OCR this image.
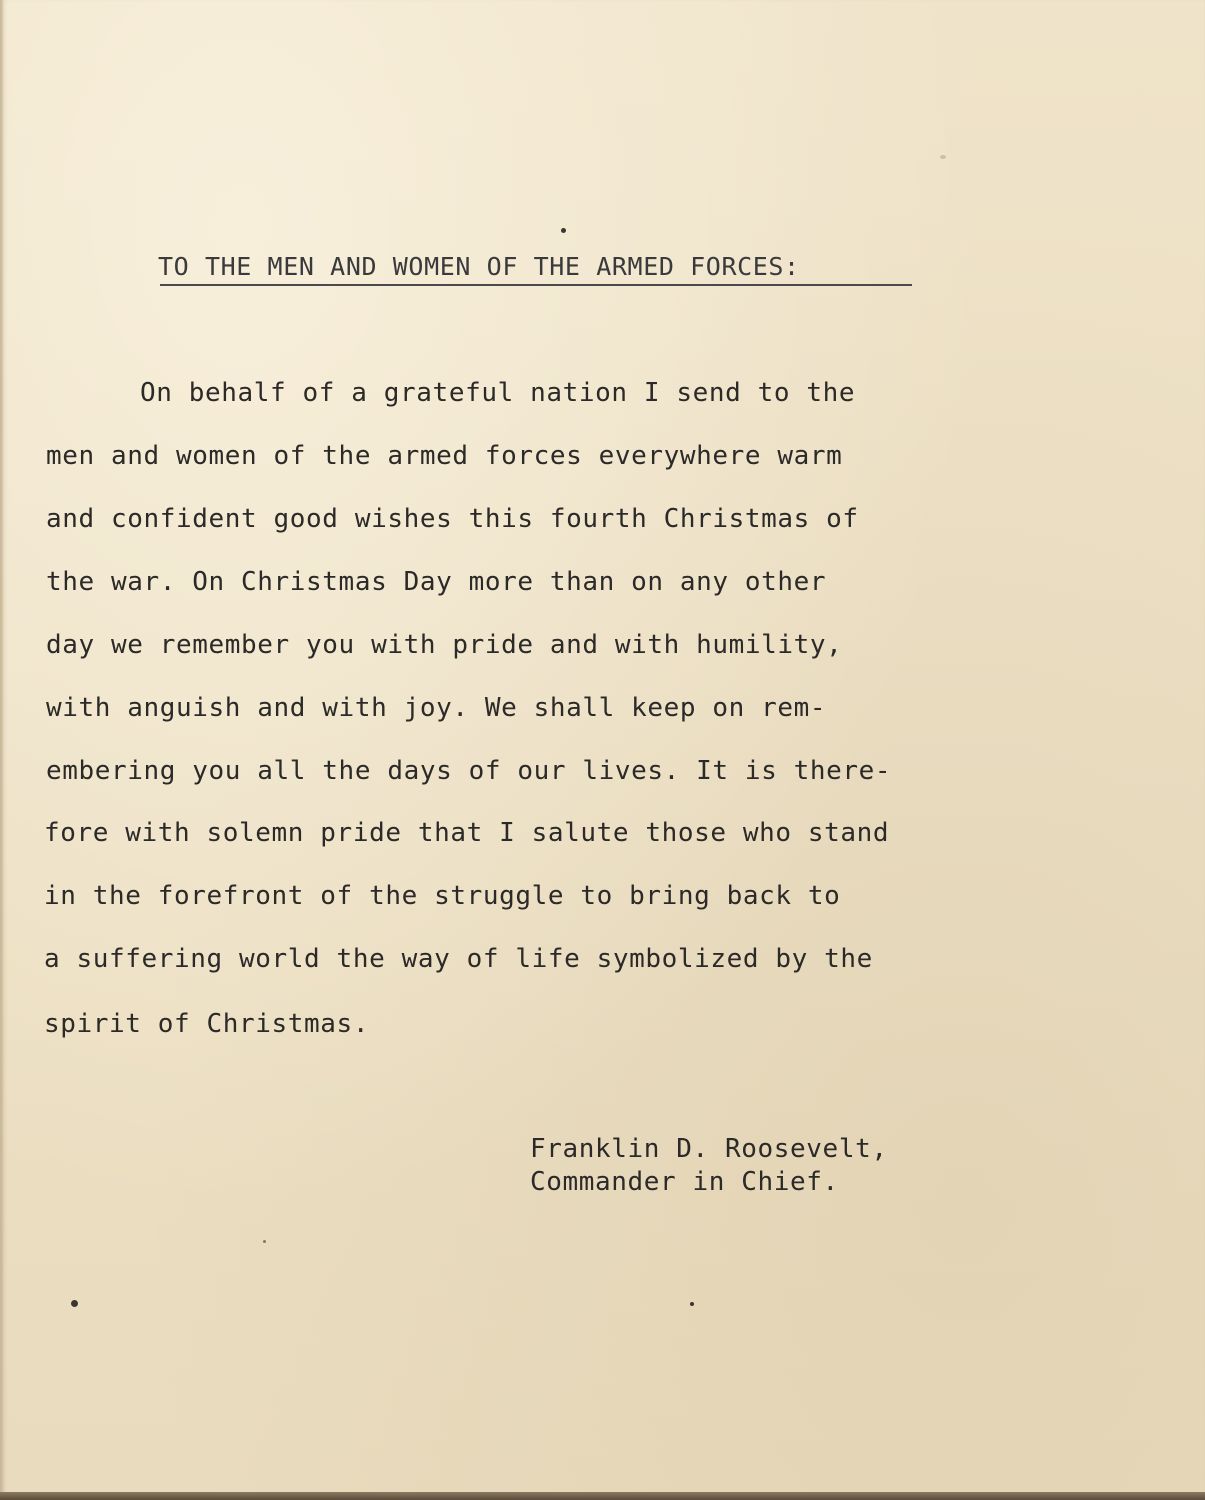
TO THE MEN AND WOMEN OF THE ARMED FORCES:
On behalf of a grateful nation I send to the
men and women of the armed forces everywhere warm
and confident good wishes this fourth Christmas of
the war. On Christmas Day more than on any other
day we remember you with pride and with humility,
with anguish and with joy. We shall keep on rem-
embering you all the days of our lives. It is there-
fore with solemn pride that I salute those who stand
in the forefront of the struggle to bring back to
a suffering world the way of life symbolized by the
spirit of Christmas.
Franklin D. Roosevelt,
Commander in Chief.
